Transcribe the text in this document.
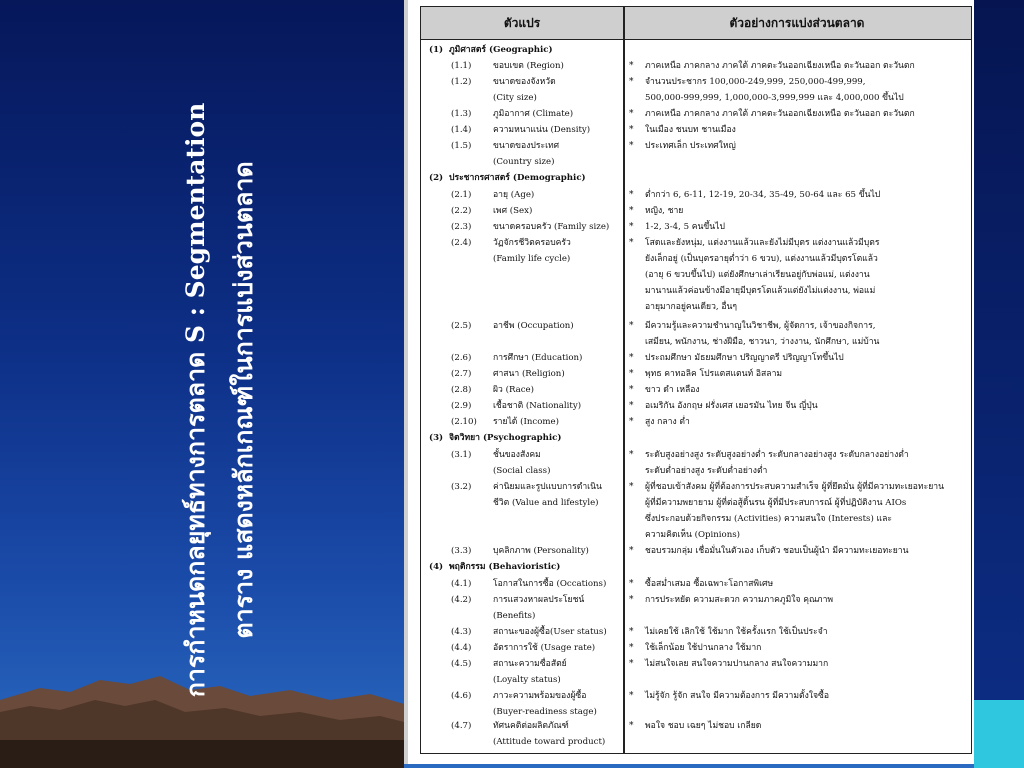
การกำหนดกลยุทธ์ทางการตลาด S : Segmentation ตาราง แสดงหลักเกณฑ์ในการแบ่งส่วนตลาด
ตัวแปร	ตัวอย่างการแบ่งส่วนตลาด
(1) ภูมิศาสตร์ (Geographic)
(1.1)	ขอบเขต (Region)	* ภาคเหนือ ภาคกลาง ภาคใต้ ภาคตะวันออกเฉียงเหนือ ตะวันออก ตะวันตก
(1.2)	ขนาดของจังหวัด	* จำนวนประชากร 100,000-249,999, 250,000-499,999,
(City size)	500,000-999,999, 1,000,000-3,999,999 และ 4,000,000 ขึ้นไป
(1.3)	ภูมิอากาศ (Climate)	* ภาคเหนือ ภาคกลาง ภาคใต้ ภาคตะวันออกเฉียงเหนือ ตะวันออก ตะวันตก
(1.4)	ความหนาแน่น (Density)	* ในเมือง ชนบท ชานเมือง
(1.5)	ขนาดของประเทศ	* ประเทศเล็ก ประเทศใหญ่
(Country size)
(2) ประชากรศาสตร์ (Demographic)
(2.1)	อายุ (Age)	* ต่ำกว่า 6, 6-11, 12-19, 20-34, 35-49, 50-64 และ 65 ขึ้นไป
(2.2)	เพศ (Sex)	* หญิง, ชาย
(2.3)	ขนาดครอบครัว (Family size) * 1-2, 3-4, 5 คนขึ้นไป
(2.4)	วัฏจักรชีวิตครอบครัว	* โสดและยังหนุ่ม, แต่งงานแล้วและยังไม่มีบุตร แต่งงานแล้วมีบุตร
(Family life cycle)	ยังเล็กอยู่ (เป็นบุตรอายุต่ำว่า 6 ขวบ), แต่งงานแล้วมีบุตรโตแล้ว
(อายุ 6 ขวบขึ้นไป) แต่ยังศึกษาเล่าเรียนอยู่กับพ่อแม่, แต่งงาน
มานานแล้วค่อนข้างมีอายุมีบุตรโตแล้วแต่ยังไม่แต่งงาน, พ่อแม่
อายุมากอยู่คนเดียว, อื่นๆ
(2.5)	อาชีพ (Occupation)	* มีความรู้และความชำนาญในวิชาชีพ, ผู้จัดการ, เจ้าของกิจการ,
เสมียน, พนักงาน, ช่างฝีมือ, ชาวนา, ว่างงาน, นักศึกษา, แม่บ้าน
(2.6)	การศึกษา (Education)	* ประถมศึกษา มัธยมศึกษา ปริญญาตรี ปริญญาโทขึ้นไป
(2.7)	ศาสนา (Religion)	* พุทธ คาทอลิค โปรแตสแตนท์ อิสลาม
(2.8)	ผิว (Race)	* ขาว ดำ เหลือง
(2.9)	เชื้อชาติ (Nationality)	* อเมริกัน อังกฤษ ฝรั่งเศส เยอรมัน ไทย จีน ญี่ปุ่น
(2.10) รายได้ (Income)	* สูง กลาง ต่ำ
(3) จิตวิทยา (Psychographic)
(3.1)	ชั้นของสังคม	* ระดับสูงอย่างสูง ระดับสูงอย่างต่ำ ระดับกลางอย่างสูง ระดับกลางอย่างต่ำ
(Social class)	ระดับต่ำอย่างสูง ระดับต่ำอย่างต่ำ
(3.2)	ค่านิยมและรูปแบบการดำเนิน	* ผู้ที่ชอบเข้าสังคม ผู้ที่ต้องการประสบความสำเร็จ ผู้ที่ยึดมั่น ผู้ที่มีความทะเยอทะยาน
ชีวิต (Value and lifestyle)	ผู้ที่มีความพยายาม ผู้ที่ต่อสู้ดิ้นรน ผู้ที่มีประสบการณ์ ผู้ที่ปฏิบัติงาน AIOs
ซึ่งประกอบด้วยกิจกรรม (Activities) ความสนใจ (Interests) และ
ความคิดเห็น (Opinions)
(3.3)	บุคลิกภาพ (Personality)	* ชอบรวมกลุ่ม เชื่อมั่นในตัวเอง เก็บตัว ชอบเป็นผู้นำ มีความทะเยอทะยาน
(4) พฤติกรรม (Behavioristic)
(4.1)	โอกาสในการซื้อ (Occations)	* ซื้อสม่ำเสมอ ซื้อเฉพาะโอกาสพิเศษ
(4.2)	การแสวงหาผลประโยชน์	* การประหยัด ความสะดวก ความภาคภูมิใจ คุณภาพ
(Benefits)
(4.3)	สถานะของผู้ซื้อ(User status) * ไม่เคยใช้ เลิกใช้ ใช้มาก ใช้ครั้งแรก ใช้เป็นประจำ
(4.4)	อัตราการใช้ (Usage rate)	* ใช้เล็กน้อย ใช้ปานกลาง ใช้มาก
(4.5)	สถานะความซื่อสัตย์	* ไม่สนใจเลย สนใจความปานกลาง สนใจความมาก
(Loyalty status)
(4.6)	ภาวะความพร้อมของผู้ซื้อ	* ไม่รู้จัก รู้จัก สนใจ มีความต้องการ มีความตั้งใจซื้อ
(Buyer-readiness stage)
(4.7)	ทัศนคติต่อผลิตภัณฑ์	* พอใจ ชอบ เฉยๆ ไม่ชอบ เกลียด
(Attitude toward product)
